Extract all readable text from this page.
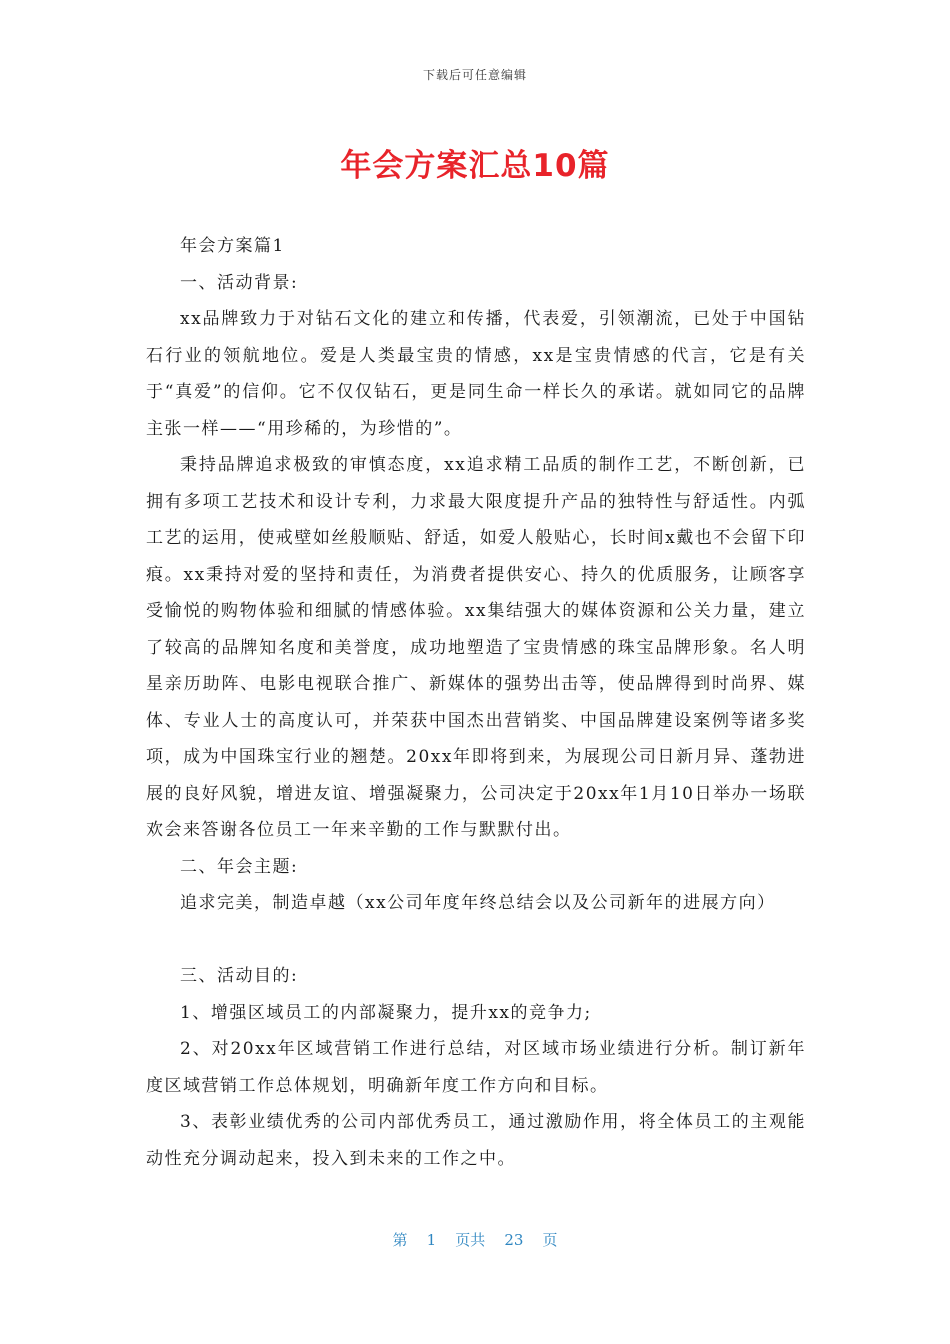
下载后可任意编辑
年会方案汇总10篇

年会方案篇1

一、活动背景:

xx品牌致力于对钻石文化的建立和传播，代表爱，引领潮流，已处于中国钻石行业的领航地位。爱是人类最宝贵的情感，xx是宝贵情感的代言，它是有关于“真爱”的信仰。它不仅仅钻石，更是同生命一样长久的承诺。就如同它的品牌主张一样——“用珍稀的，为珍惜的”。

秉持品牌追求极致的审慎态度，xx追求精工品质的制作工艺，不断创新，已拥有多项工艺技术和设计专利，力求最大限度提升产品的独特性与舒适性。内弧工艺的运用，使戒壁如丝般顺贴、舒适，如爱人般贴心，长时间x戴也不会留下印痕。xx秉持对爱的坚持和责任，为消费者提供安心、持久的优质服务，让顾客享受愉悦的购物体验和细腻的情感体验。xx集结强大的媒体资源和公关力量，建立了较高的品牌知名度和美誉度，成功地塑造了宝贵情感的珠宝品牌形象。名人明星亲历助阵、电影电视联合推广、新媒体的强势出击等，使品牌得到时尚界、媒体、专业人士的高度认可，并荣获中国杰出营销奖、中国品牌建设案例等诸多奖项，成为中国珠宝行业的翘楚。20xx年即将到来，为展现公司日新月异、蓬勃进展的良好风貌，增进友谊、增强凝聚力，公司决定于20xx年1月10日举办一场联欢会来答谢各位员工一年来辛勤的工作与默默付出。

二、年会主题:

追求完美，制造卓越（xx公司年度年终总结会以及公司新年的进展方向）

三、活动目的:

1、增强区域员工的内部凝聚力，提升xx的竞争力;

2、对20xx年区域营销工作进行总结，对区域市场业绩进行分析。制订新年度区域营销工作总体规划，明确新年度工作方向和目标。

3、表彰业绩优秀的公司内部优秀员工，通过激励作用，将全体员工的主观能动性充分调动起来，投入到未来的工作之中。

第 1 页共 23 页
